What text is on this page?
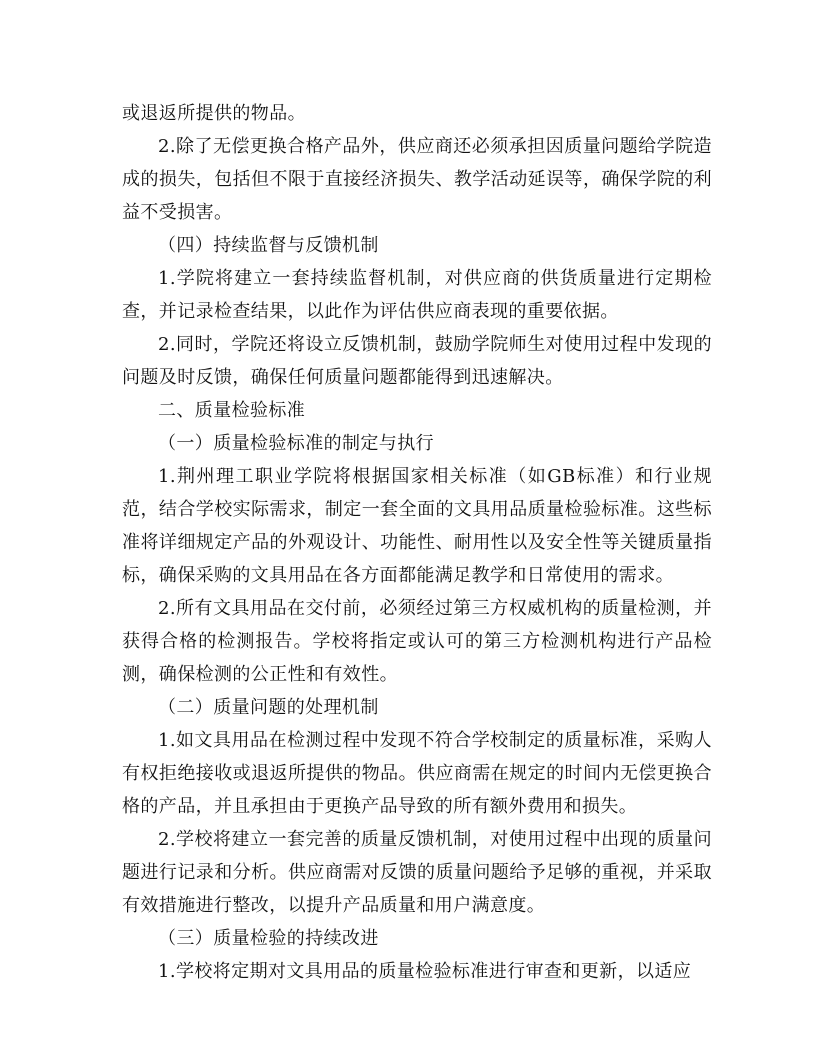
或退返所提供的物品。

2.除了无偿更换合格产品外，供应商还必须承担因质量问题给学院造成的损失，包括但不限于直接经济损失、教学活动延误等，确保学院的利益不受损害。

（四）持续监督与反馈机制

1.学院将建立一套持续监督机制，对供应商的供货质量进行定期检查，并记录检查结果，以此作为评估供应商表现的重要依据。

2.同时，学院还将设立反馈机制，鼓励学院师生对使用过程中发现的问题及时反馈，确保任何质量问题都能得到迅速解决。

二、质量检验标准

（一）质量检验标准的制定与执行

1.荆州理工职业学院将根据国家相关标准（如GB标准）和行业规范，结合学校实际需求，制定一套全面的文具用品质量检验标准。这些标准将详细规定产品的外观设计、功能性、耐用性以及安全性等关键质量指标，确保采购的文具用品在各方面都能满足教学和日常使用的需求。

2.所有文具用品在交付前，必须经过第三方权威机构的质量检测，并获得合格的检测报告。学校将指定或认可的第三方检测机构进行产品检测，确保检测的公正性和有效性。

（二）质量问题的处理机制

1.如文具用品在检测过程中发现不符合学校制定的质量标准，采购人有权拒绝接收或退返所提供的物品。供应商需在规定的时间内无偿更换合格的产品，并且承担由于更换产品导致的所有额外费用和损失。

2.学校将建立一套完善的质量反馈机制，对使用过程中出现的质量问题进行记录和分析。供应商需对反馈的质量问题给予足够的重视，并采取有效措施进行整改，以提升产品质量和用户满意度。

（三）质量检验的持续改进

1.学校将定期对文具用品的质量检验标准进行审查和更新，以适应
